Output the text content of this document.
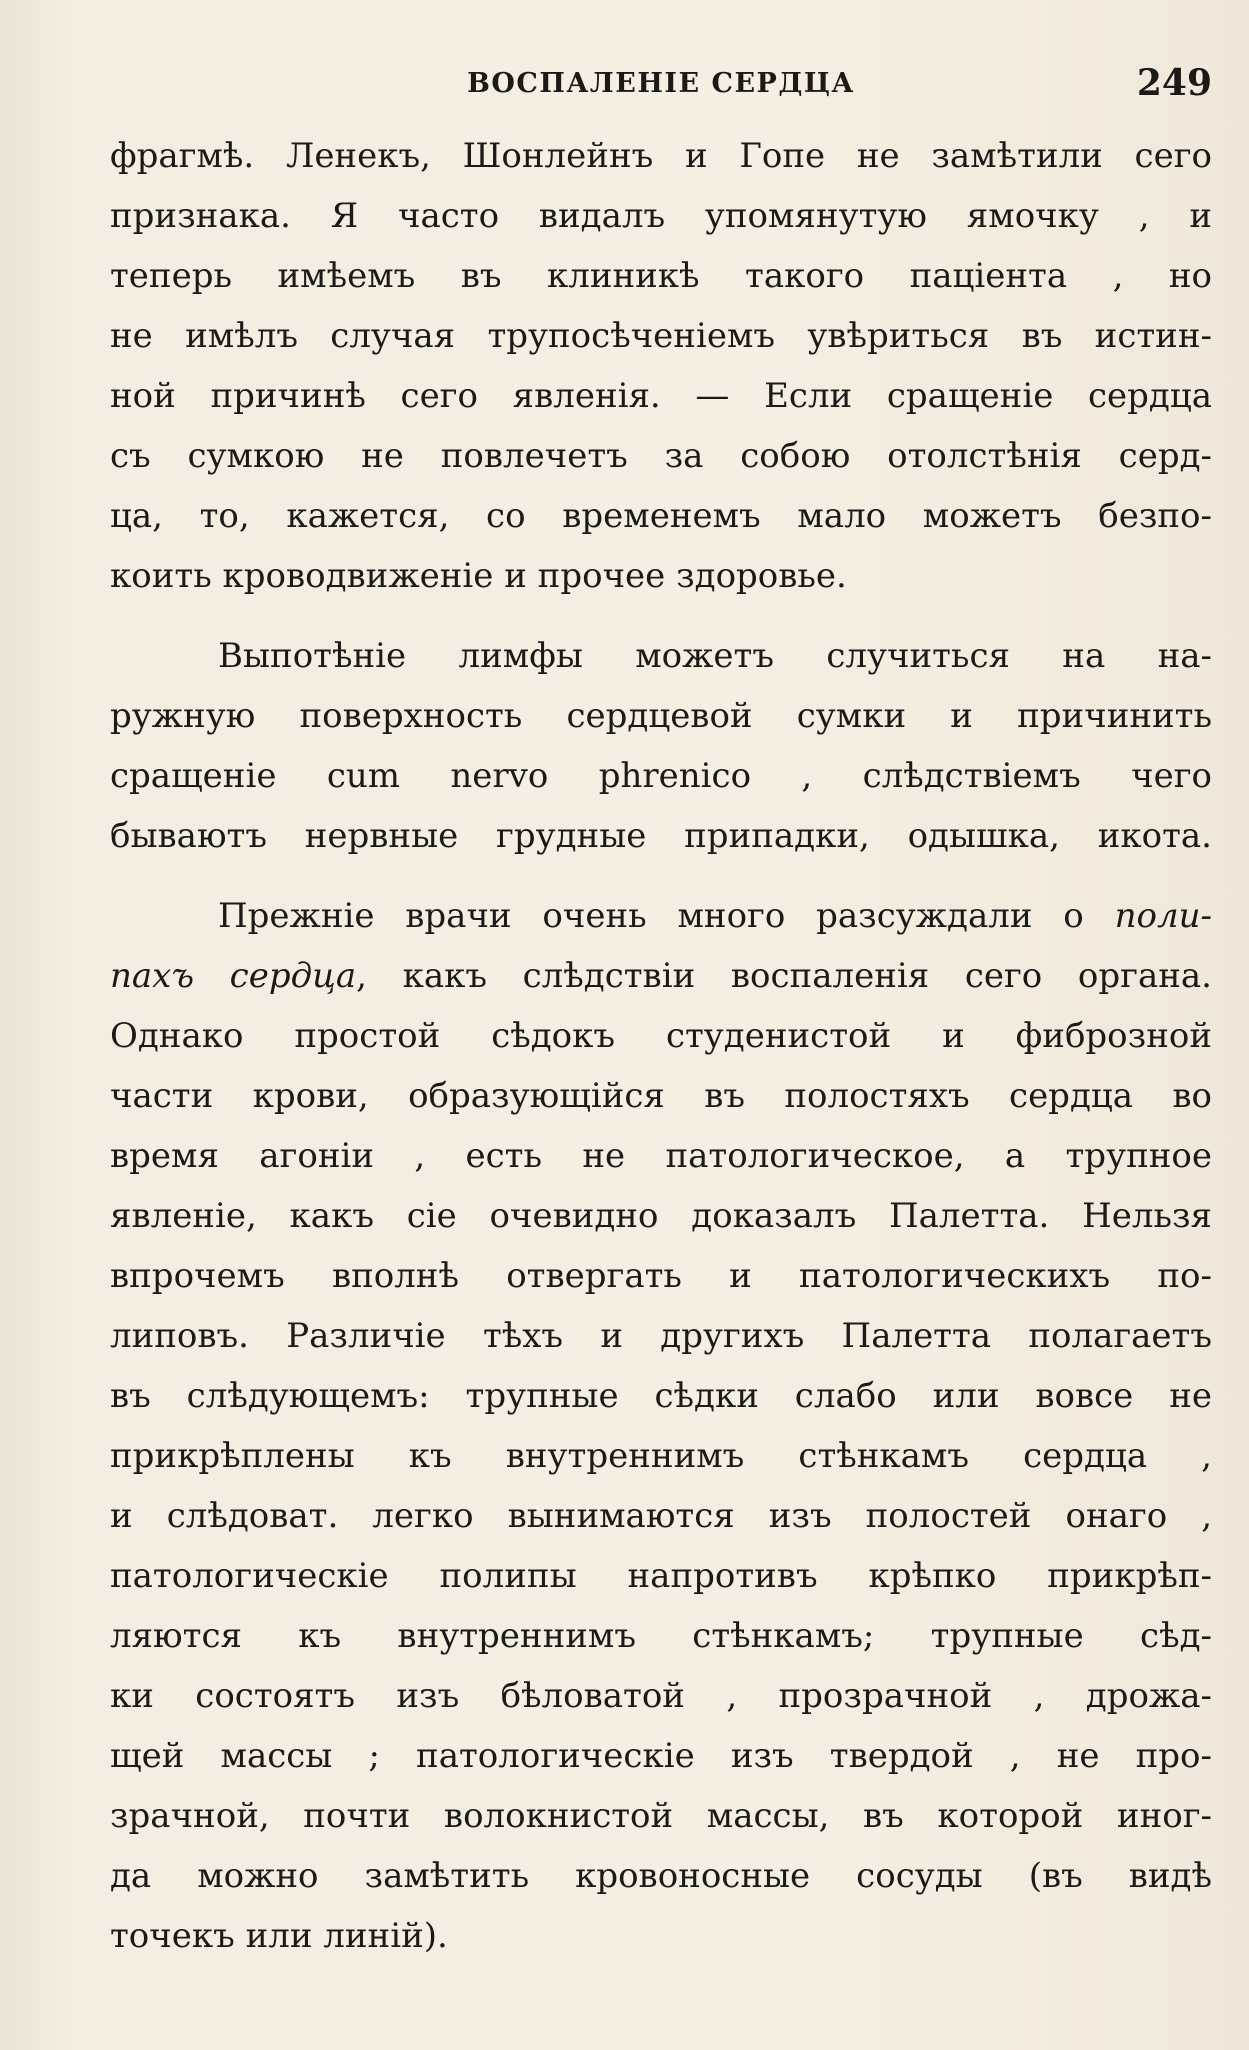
ВОСПАЛЕНІЕ СЕРДЦА	249
фрагмѣ. Ленекъ, Шонлейнъ и Гопе не замѣтили сего
признака. Я часто видалъ упомянутую ямочку , и
теперь имѣемъ въ клиникѣ такого паціента , но
не имѣлъ случая трупосѣченіемъ увѣриться въ истин-
ной причинѣ сего явленія. — Если сращеніе сердца
съ сумкою не повлечетъ за собою отолстѣнія серд-
ца, то, кажется, со временемъ мало можетъ безпо-
коить кроводвиженіе и прочее здоровье.
Выпотѣніе лимфы можетъ случиться на на-
ружную поверхность сердцевой сумки и причинить
сращеніе cum nervo phrenico , слѣдствіемъ чего
бываютъ нервные грудные припадки, одышка, икота.
Прежніе врачи очень много разсуждали о поли-
пахъ сердца, какъ слѣдствіи воспаленія сего органа.
Однако простой сѣдокъ студенистой и фиброзной
части крови, образующійся въ полостяхъ сердца во
время агоніи , есть не патологическое, а трупное
явленіе, какъ сіе очевидно доказалъ Палетта. Нельзя
впрочемъ вполнѣ отвергать и патологическихъ по-
липовъ. Различіе тѣхъ и другихъ Палетта полагаетъ
въ слѣдующемъ: трупные сѣдки слабо или вовсе не
прикрѣплены къ внутреннимъ стѣнкамъ сердца ,
и слѣдоват. легко вынимаются изъ полостей онаго ,
патологическіе полипы напротивъ крѣпко прикрѣп-
ляются къ внутреннимъ стѣнкамъ; трупные сѣд-
ки состоятъ изъ бѣловатой , прозрачной , дрожа-
щей массы ; патологическіе изъ твердой , не про-
зрачной, почти волокнистой массы, въ которой иног-
да можно замѣтить кровоносные сосуды (въ видѣ
точекъ или линій).
